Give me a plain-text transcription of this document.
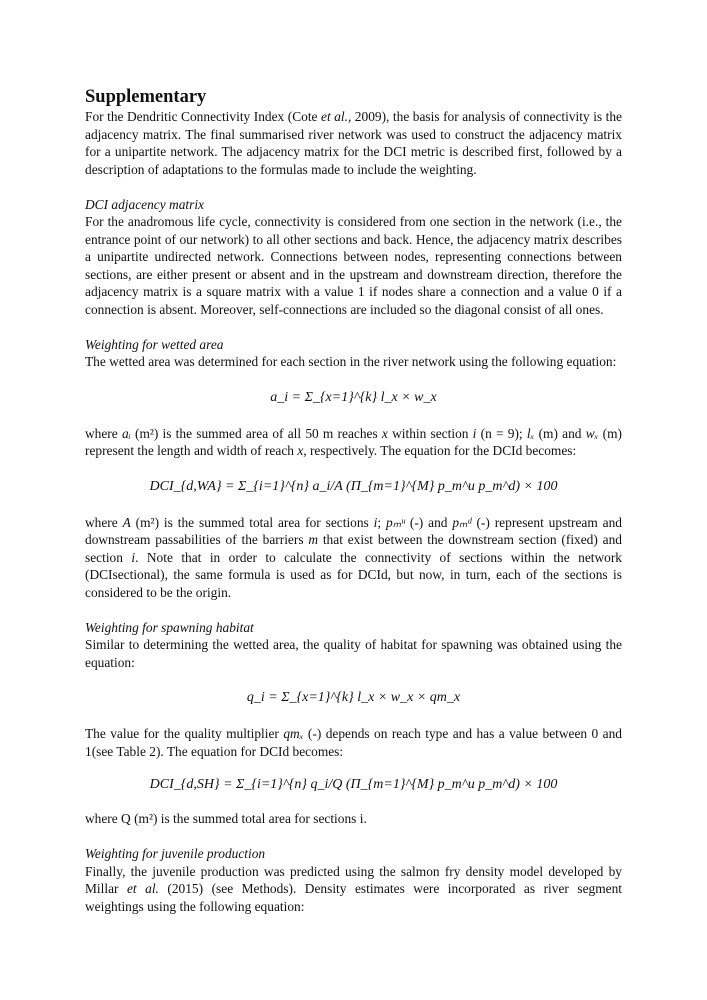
Supplementary

For the Dendritic Connectivity Index (Cote et al., 2009), the basis for analysis of connectivity is the adjacency matrix. The final summarised river network was used to construct the adjacency matrix for a unipartite network. The adjacency matrix for the DCI metric is described first, followed by a description of adaptations to the formulas made to include the weighting.

DCI adjacency matrix

For the anadromous life cycle, connectivity is considered from one section in the network (i.e., the entrance point of our network) to all other sections and back. Hence, the adjacency matrix describes a unipartite undirected network. Connections between nodes, representing connections between sections, are either present or absent and in the upstream and downstream direction, therefore the adjacency matrix is a square matrix with a value 1 if nodes share a connection and a value 0 if a connection is absent. Moreover, self-connections are included so the diagonal consist of all ones.

Weighting for wetted area

The wetted area was determined for each section in the river network using the following equation:

a_i = Σ_{x=1}^{k} l_x × w_x

where aᵢ (m²) is the summed area of all 50 m reaches x within section i (n = 9); lₓ (m) and wₓ (m) represent the length and width of reach x, respectively. The equation for the DCId becomes:

DCI_{d,WA} = Σ_{i=1}^{n} a_i/A (Π_{m=1}^{M} p_m^u p_m^d) × 100

where A (m²) is the summed total area for sections i; pₘᵘ (-) and pₘᵈ (-) represent upstream and downstream passabilities of the barriers m that exist between the downstream section (fixed) and section i. Note that in order to calculate the connectivity of sections within the network (DCIsectional), the same formula is used as for DCId, but now, in turn, each of the sections is considered to be the origin.

Weighting for spawning habitat

Similar to determining the wetted area, the quality of habitat for spawning was obtained using the equation:

q_i = Σ_{x=1}^{k} l_x × w_x × qm_x

The value for the quality multiplier qmₓ (-) depends on reach type and has a value between 0 and 1(see Table 2). The equation for DCId becomes:

DCI_{d,SH} = Σ_{i=1}^{n} q_i/Q (Π_{m=1}^{M} p_m^u p_m^d) × 100

where Q (m²) is the summed total area for sections i.

Weighting for juvenile production

Finally, the juvenile production was predicted using the salmon fry density model developed by Millar et al. (2015) (see Methods). Density estimates were incorporated as river segment weightings using the following equation:
